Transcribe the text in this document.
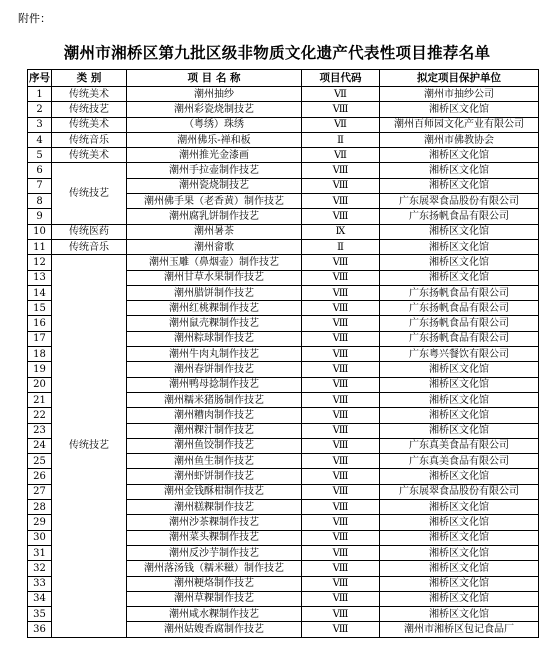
附件：
潮州市湘桥区第九批区级非物质文化遗产代表性项目推荐名单
序号	类 别	项 目 名 称	项目代码	拟定项目保护单位
1	传统美术	潮州抽纱	Ⅶ	潮州市抽纱公司
2	传统技艺	潮州彩瓷烧制技艺	Ⅷ	湘桥区文化馆
3	传统美术	（粤绣）珠绣	Ⅶ	潮州百师园文化产业有限公司
4	传统音乐	潮州佛乐-禅和板	Ⅱ	潮州市佛教协会
5	传统美术	潮州推光金漆画	Ⅶ	湘桥区文化馆
6	传统技艺	潮州手拉壶制作技艺	Ⅷ	湘桥区文化馆
7		潮州瓷烧制技艺	Ⅷ	湘桥区文化馆
8		潮州佛手果（老香黄）制作技艺	Ⅷ	广东展翠食品股份有限公司
9		潮州腐乳饼制作技艺	Ⅷ	广东扬帆食品有限公司
10	传统医药	潮州暑茶	Ⅸ	湘桥区文化馆
11	传统音乐	潮州畲歌	Ⅱ	湘桥区文化馆
12	传统技艺	潮州玉雕（鼻烟壶）制作技艺	Ⅷ	湘桥区文化馆
13		潮州甘草水果制作技艺	Ⅷ	湘桥区文化馆
14		潮州腊饼制作技艺	Ⅷ	广东扬帆食品有限公司
15		潮州红桃粿制作技艺	Ⅷ	广东扬帆食品有限公司
16		潮州鼠壳粿制作技艺	Ⅷ	广东扬帆食品有限公司
17		潮州粽球制作技艺	Ⅷ	广东扬帆食品有限公司
18		潮州牛肉丸制作技艺	Ⅷ	广东粤兴餐饮有限公司
19		潮州春饼制作技艺	Ⅷ	湘桥区文化馆
20		潮州鸭母捻制作技艺	Ⅷ	湘桥区文化馆
21		潮州糯米猪肠制作技艺	Ⅷ	湘桥区文化馆
22		潮州糟肉制作技艺	Ⅷ	湘桥区文化馆
23		潮州粿汁制作技艺	Ⅷ	湘桥区文化馆
24		潮州鱼饺制作技艺	Ⅷ	广东真美食品有限公司
25		潮州鱼生制作技艺	Ⅷ	广东真美食品有限公司
26		潮州虾饼制作技艺	Ⅷ	湘桥区文化馆
27		潮州金钱酥柑制作技艺	Ⅷ	广东展翠食品股份有限公司
28		潮州糕粿制作技艺	Ⅷ	湘桥区文化馆
29		潮州沙茶粿制作技艺	Ⅷ	湘桥区文化馆
30		潮州菜头粿制作技艺	Ⅷ	湘桥区文化馆
31		潮州反沙芋制作技艺	Ⅷ	湘桥区文化馆
32		潮州落汤钱（糯米糍）制作技艺	Ⅷ	湘桥区文化馆
33		潮州粳烙制作技艺	Ⅷ	湘桥区文化馆
34		潮州草粿制作技艺	Ⅷ	湘桥区文化馆
35		潮州咸水粿制作技艺	Ⅷ	湘桥区文化馆
36		潮州姑嫂香腐制作技艺	Ⅷ	潮州市湘桥区包记食品厂
